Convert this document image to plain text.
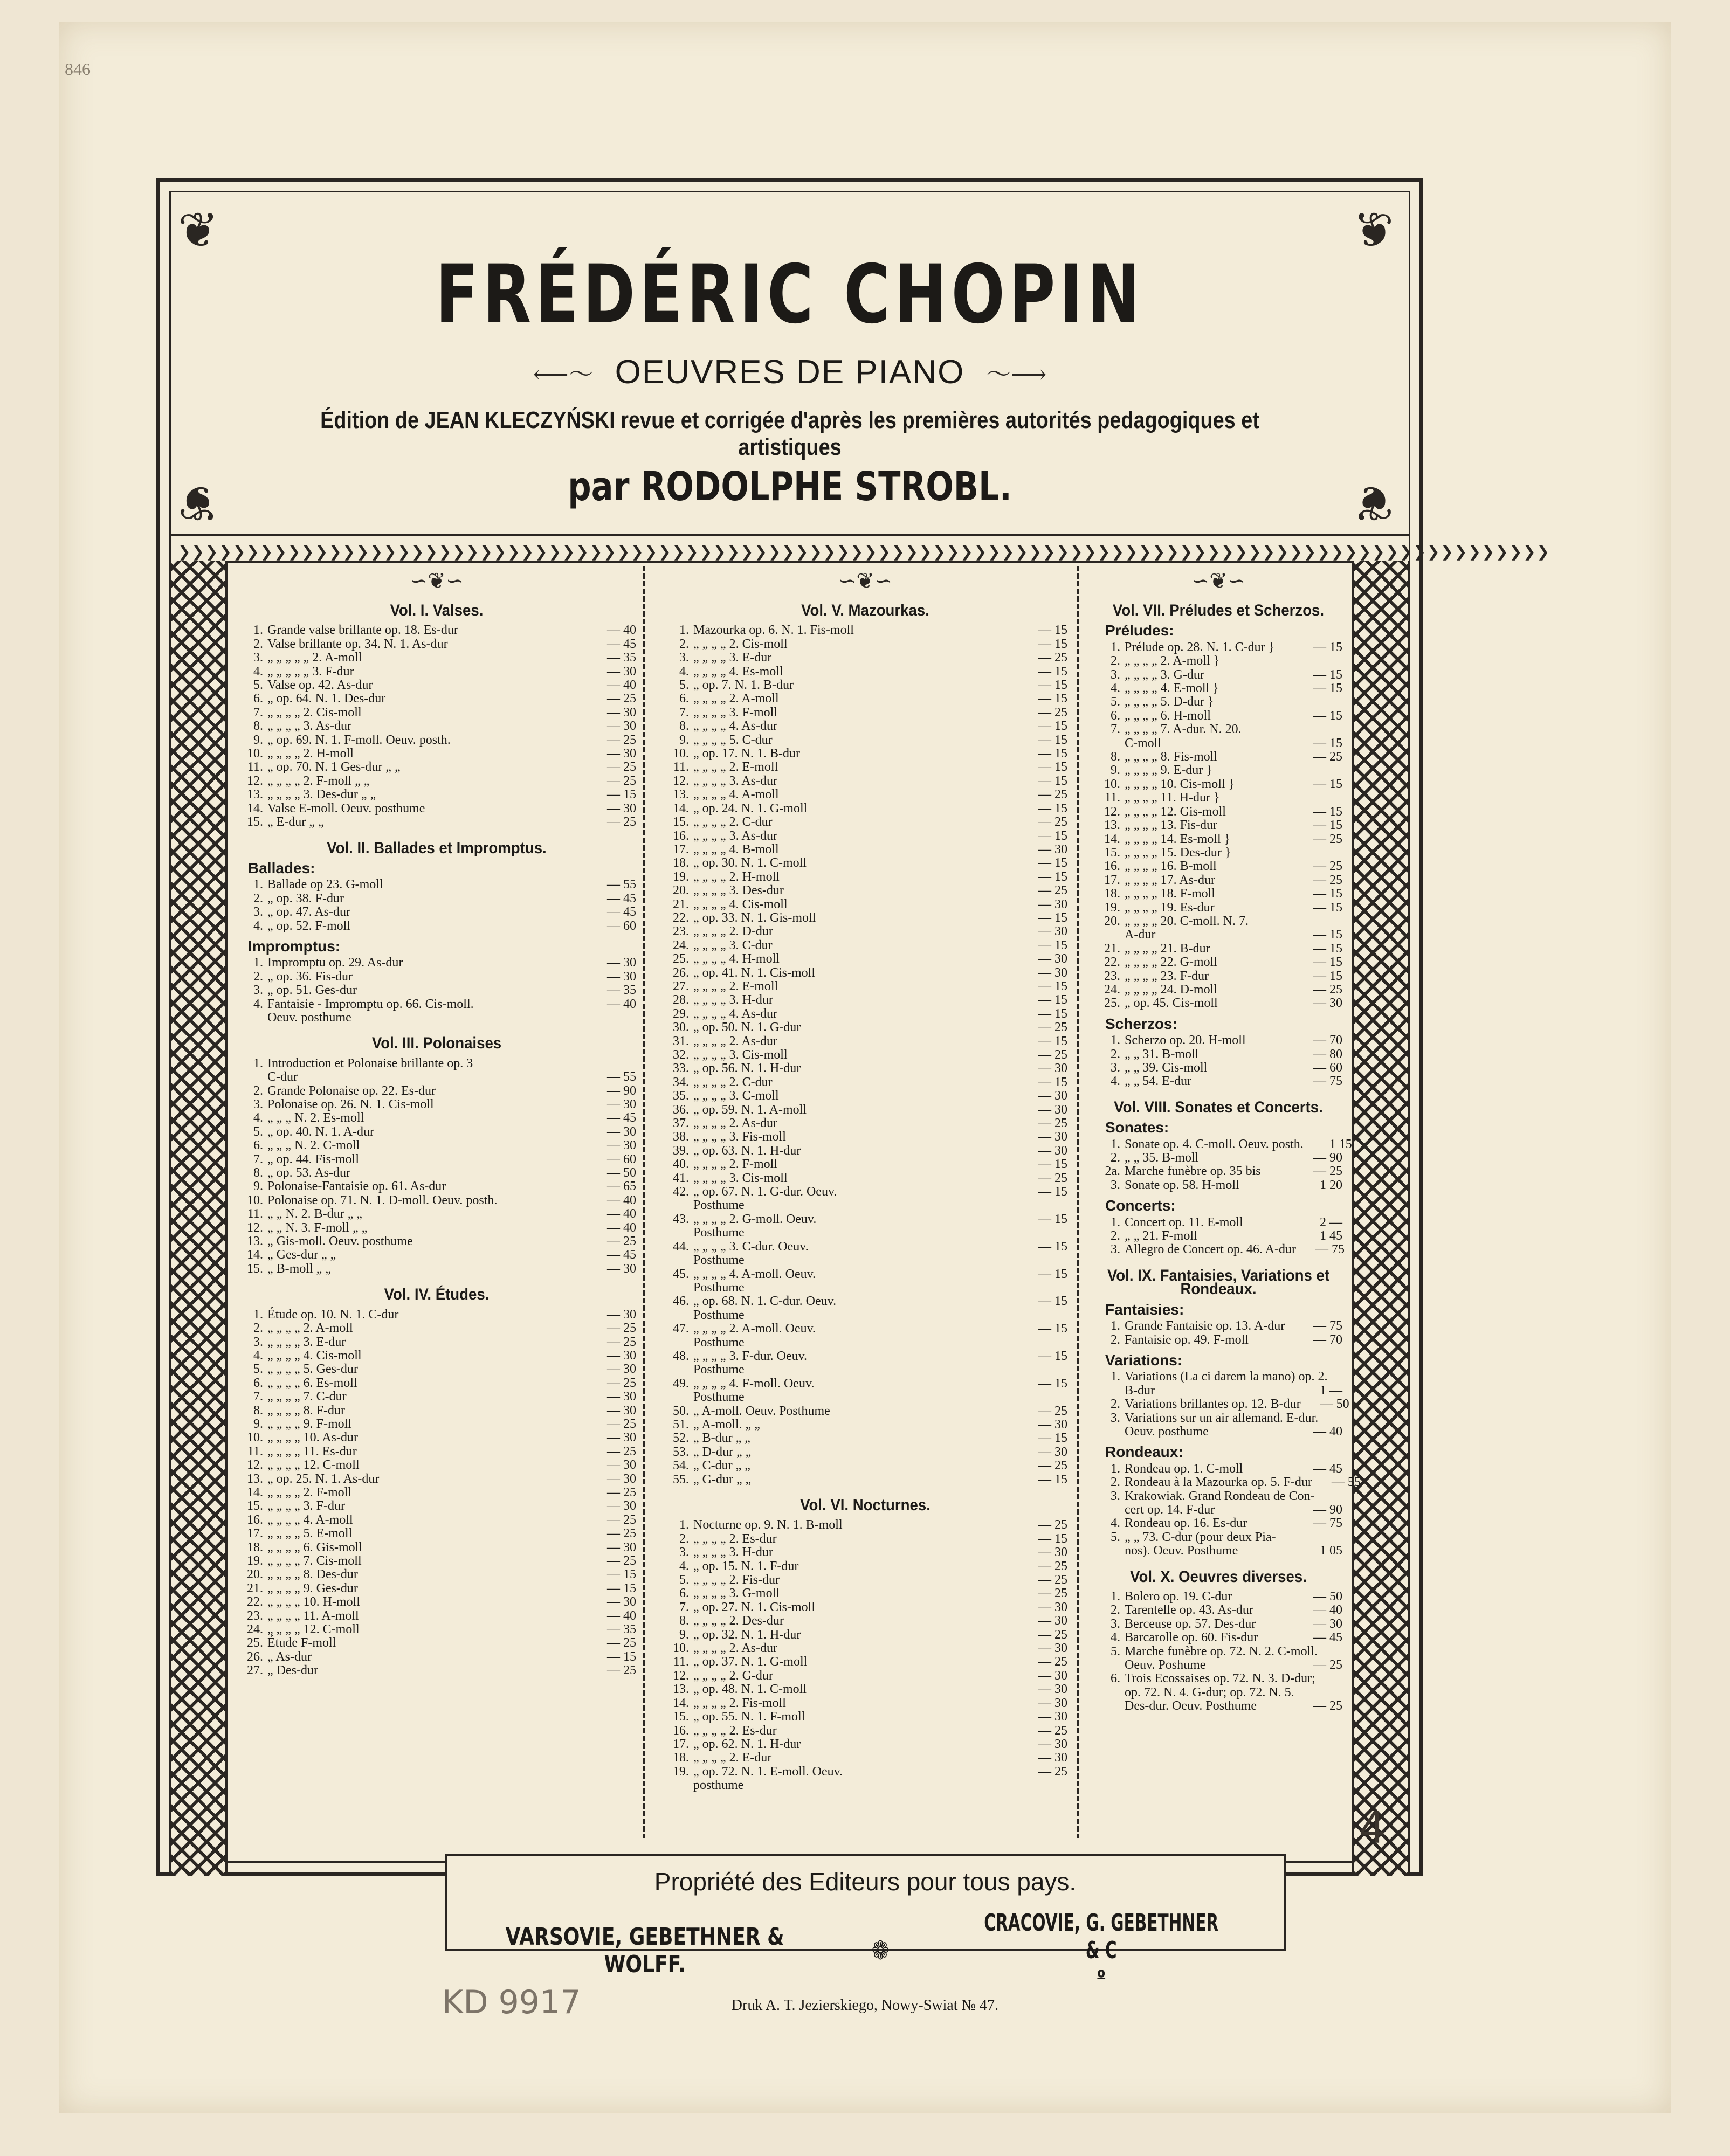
846
❦	❦
❦	❦
FRÉDÉRIC CHOPIN
⟵〜 OEUVRES DE PIANO 〜⟶
Édition de JEAN KLECZYŃSKI revue et corrigée d'après les premières autorités pedagogiques et artistiques
par RODOLPHE STROBL.
❯❯❯❯❯❯❯❯❯❯❯❯❯❯❯❯❯❯❯❯❯❯❯❯❯❯❯❯❯❯❯❯❯❯❯❯❯❯❯❯❯❯❯❯❯❯❯❯❯❯❯❯❯❯❯❯❯❯❯❯❯❯❯❯❯❯❯❯❯❯❯❯❯❯❯❯❯❯❯❯❯❯❯❯❯❯❯❯❯❯❯❯❯❯❯❯❯❯❯❯
∽❦∽
Vol. I. Valses.
1. Grande valse brillante op. 18. Es-dur	— 40
2. Valse brillante op. 34. N. 1. As-dur	— 45
3. „ „ „ „ „ 2. A-moll	— 35
4. „ „ „ „ „ 3. F-dur	— 30
5. Valse op. 42. As-dur	— 40
6. „ op. 64. N. 1. Des-dur	— 25
7. „ „ „ „ 2. Cis-moll	— 30
8. „ „ „ „ 3. As-dur	— 30
9. „ op. 69. N. 1. F-moll. Oeuv. posth.	— 25
10. „ „ „ „ 2. H-moll	— 30
11. „ op. 70. N. 1 Ges-dur „ „	— 25
12. „ „ „ „ 2. F-moll „ „	— 25
13. „ „ „ „ 3. Des-dur „ „	— 15
14. Valse E-moll. Oeuv. posthume	— 30
15. „ E-dur „ „	— 25
Vol. II. Ballades et Impromptus.
Ballades:
1. Ballade op 23. G-moll	— 55
2. „ op. 38. F-dur	— 45
3. „ op. 47. As-dur	— 45
4. „ op. 52. F-moll	— 60
Impromptus:
1. Impromptu op. 29. As-dur	— 30
2. „ op. 36. Fis-dur	— 30
3. „ op. 51. Ges-dur	— 35
4. Fantaisie - Impromptu op. 66. Cis-moll.	— 40
Oeuv. posthume
Vol. III. Polonaises
1. Introduction et Polonaise brillante op. 3
C-dur	— 55
2. Grande Polonaise op. 22. Es-dur	— 90
3. Polonaise op. 26. N. 1. Cis-moll	— 30
4. „ „ „ N. 2. Es-moll	— 45
5. „ op. 40. N. 1. A-dur	— 30
6. „ „ „ N. 2. C-moll	— 30
7. „ op. 44. Fis-moll	— 60
8. „ op. 53. As-dur	— 50
9. Polonaise-Fantaisie op. 61. As-dur	— 65
10. Polonaise op. 71. N. 1. D-moll. Oeuv. posth.	— 40
11. „ „ N. 2. B-dur „ „	— 40
12. „ „ N. 3. F-moll „ „	— 40
13. „ Gis-moll. Oeuv. posthume	— 25
14. „ Ges-dur „ „	— 45
15. „ B-moll „ „	— 30
Vol. IV. Études.
1. Étude op. 10. N. 1. C-dur	— 30
2. „ „ „ „ 2. A-moll	— 25
3. „ „ „ „ 3. E-dur	— 25
4. „ „ „ „ 4. Cis-moll	— 30
5. „ „ „ „ 5. Ges-dur	— 30
6. „ „ „ „ 6. Es-moll	— 25
7. „ „ „ „ 7. C-dur	— 30
8. „ „ „ „ 8. F-dur	— 30
9. „ „ „ „ 9. F-moll	— 25
10. „ „ „ „ 10. As-dur	— 30
11. „ „ „ „ 11. Es-dur	— 25
12. „ „ „ „ 12. C-moll	— 30
13. „ op. 25. N. 1. As-dur	— 30
14. „ „ „ „ 2. F-moll	— 25
15. „ „ „ „ 3. F-dur	— 30
16. „ „ „ „ 4. A-moll	— 25
17. „ „ „ „ 5. E-moll	— 25
18. „ „ „ „ 6. Gis-moll	— 30
19. „ „ „ „ 7. Cis-moll	— 25
20. „ „ „ „ 8. Des-dur	— 15
21. „ „ „ „ 9. Ges-dur	— 15
22. „ „ „ „ 10. H-moll	— 30
23. „ „ „ „ 11. A-moll	— 40
24. „ „ „ „ 12. C-moll	— 35
25. Étude F-moll	— 25
26. „ As-dur	— 15
27. „ Des-dur	— 25
∽❦∽
Vol. V. Mazourkas.
1. Mazourka op. 6. N. 1. Fis-moll	— 15
2. „ „ „ „ 2. Cis-moll	— 15
3. „ „ „ „ 3. E-dur	— 25
4. „ „ „ „ 4. Es-moll	— 15
5. „ op. 7. N. 1. B-dur	— 15
6. „ „ „ „ 2. A-moll	— 15
7. „ „ „ „ 3. F-moll	— 25
8. „ „ „ „ 4. As-dur	— 15
9. „ „ „ „ 5. C-dur	— 15
10. „ op. 17. N. 1. B-dur	— 15
11. „ „ „ „ 2. E-moll	— 15
12. „ „ „ „ 3. As-dur	— 15
13. „ „ „ „ 4. A-moll	— 25
14. „ op. 24. N. 1. G-moll	— 15
15. „ „ „ „ 2. C-dur	— 25
16. „ „ „ „ 3. As-dur	— 15
17. „ „ „ „ 4. B-moll	— 30
18. „ op. 30. N. 1. C-moll	— 15
19. „ „ „ „ 2. H-moll	— 15
20. „ „ „ „ 3. Des-dur	— 25
21. „ „ „ „ 4. Cis-moll	— 30
22. „ op. 33. N. 1. Gis-moll	— 15
23. „ „ „ „ 2. D-dur	— 30
24. „ „ „ „ 3. C-dur	— 15
25. „ „ „ „ 4. H-moll	— 30
26. „ op. 41. N. 1. Cis-moll	— 30
27. „ „ „ „ 2. E-moll	— 15
28. „ „ „ „ 3. H-dur	— 15
29. „ „ „ „ 4. As-dur	— 15
30. „ op. 50. N. 1. G-dur	— 25
31. „ „ „ „ 2. As-dur	— 15
32. „ „ „ „ 3. Cis-moll	— 25
33. „ op. 56. N. 1. H-dur	— 30
34. „ „ „ „ 2. C-dur	— 15
35. „ „ „ „ 3. C-moll	— 30
36. „ op. 59. N. 1. A-moll	— 30
37. „ „ „ „ 2. As-dur	— 25
38. „ „ „ „ 3. Fis-moll	— 30
39. „ op. 63. N. 1. H-dur	— 30
40. „ „ „ „ 2. F-moll	— 15
41. „ „ „ „ 3. Cis-moll	— 25
42. „ op. 67. N. 1. G-dur. Oeuv.	— 15
Posthume
43. „ „ „ „ 2. G-moll. Oeuv.	— 15
Posthume
44. „ „ „ „ 3. C-dur. Oeuv.	— 15
Posthume
45. „ „ „ „ 4. A-moll. Oeuv.	— 15
Posthume
46. „ op. 68. N. 1. C-dur. Oeuv.	— 15
Posthume
47. „ „ „ „ 2. A-moll. Oeuv.	— 15
Posthume
48. „ „ „ „ 3. F-dur. Oeuv.	— 15
Posthume
49. „ „ „ „ 4. F-moll. Oeuv.	— 15
Posthume
50. „ A-moll. Oeuv. Posthume	— 25
51. „ A-moll. „ „	— 30
52. „ B-dur „ „	— 15
53. „ D-dur „ „	— 30
54. „ C-dur „ „	— 25
55. „ G-dur „ „	— 15
Vol. VI. Nocturnes.
1. Nocturne op. 9. N. 1. B-moll	— 25
2. „ „ „ „ 2. Es-dur	— 15
3. „ „ „ „ 3. H-dur	— 30
4. „ op. 15. N. 1. F-dur	— 25
5. „ „ „ „ 2. Fis-dur	— 25
6. „ „ „ „ 3. G-moll	— 25
7. „ op. 27. N. 1. Cis-moll	— 30
8. „ „ „ „ 2. Des-dur	— 30
9. „ op. 32. N. 1. H-dur	— 25
10. „ „ „ „ 2. As-dur	— 30
11. „ op. 37. N. 1. G-moll	— 25
12. „ „ „ „ 2. G-dur	— 30
13. „ op. 48. N. 1. C-moll	— 30
14. „ „ „ „ 2. Fis-moll	— 30
15. „ op. 55. N. 1. F-moll	— 30
16. „ „ „ „ 2. Es-dur	— 25
17. „ op. 62. N. 1. H-dur	— 30
18. „ „ „ „ 2. E-dur	— 30
19. „ op. 72. N. 1. E-moll. Oeuv.	— 25
posthume
∽❦∽
Vol. VII. Préludes et Scherzos.
Préludes:
1. Prélude op. 28. N. 1. C-dur }	— 15
2. „ „ „ „ 2. A-moll }
3. „ „ „ „ 3. G-dur	— 15
4. „ „ „ „ 4. E-moll }	— 15
5. „ „ „ „ 5. D-dur }
6. „ „ „ „ 6. H-moll	— 15
7. „ „ „ „ 7. A-dur. N. 20.
C-moll	— 15
8. „ „ „ „ 8. Fis-moll	— 25
9. „ „ „ „ 9. E-dur }
10. „ „ „ „ 10. Cis-moll }	— 15
11. „ „ „ „ 11. H-dur }
12. „ „ „ „ 12. Gis-moll	— 15
13. „ „ „ „ 13. Fis-dur	— 15
14. „ „ „ „ 14. Es-moll }	— 25
15. „ „ „ „ 15. Des-dur }
16. „ „ „ „ 16. B-moll	— 25
17. „ „ „ „ 17. As-dur	— 25
18. „ „ „ „ 18. F-moll	— 15
19. „ „ „ „ 19. Es-dur	— 15
20. „ „ „ „ 20. C-moll. N. 7.
A-dur	— 15
21. „ „ „ „ 21. B-dur	— 15
22. „ „ „ „ 22. G-moll	— 15
23. „ „ „ „ 23. F-dur	— 15
24. „ „ „ „ 24. D-moll	— 25
25. „ op. 45. Cis-moll	— 30
Scherzos:
1. Scherzo op. 20. H-moll	— 70
2. „ „ 31. B-moll	— 80
3. „ „ 39. Cis-moll	— 60
4. „ „ 54. E-dur	— 75
Vol. VIII. Sonates et Concerts.
Sonates:
1. Sonate op. 4. C-moll. Oeuv. posth.	1 15
2. „ „ 35. B-moll	— 90
2a. Marche funèbre op. 35 bis	— 25
3. Sonate op. 58. H-moll	1 20
Concerts:
1. Concert op. 11. E-moll	2 —
2. „ „ 21. F-moll	1 45
3. Allegro de Concert op. 46. A-dur	— 75
Vol. IX. Fantaisies, Variations et Rondeaux.
Fantaisies:
1. Grande Fantaisie op. 13. A-dur	— 75
2. Fantaisie op. 49. F-moll	— 70
Variations:
1. Variations (La ci darem la mano) op. 2.
B-dur	1 —
2. Variations brillantes op. 12. B-dur	— 50
3. Variations sur un air allemand. E-dur.
Oeuv. posthume	— 40
Rondeaux:
1. Rondeau op. 1. C-moll	— 45
2. Rondeau à la Mazourka op. 5. F-dur	— 55
3. Krakowiak. Grand Rondeau de Con-
cert op. 14. F-dur	— 90
4. Rondeau op. 16. Es-dur	— 75
5. „ „ 73. C-dur (pour deux Pia-
nos). Oeuv. Posthume	1 05
Vol. X. Oeuvres diverses.
1. Bolero op. 19. C-dur	— 50
2. Tarentelle op. 43. As-dur	— 40
3. Berceuse op. 57. Des-dur	— 30
4. Barcarolle op. 60. Fis-dur	— 45
5. Marche funèbre op. 72. N. 2. C-moll.
Oeuv. Poshume	— 25
6. Trois Ecossaises op. 72. N. 3. D-dur;
op. 72. N. 4. G-dur; op. 72. N. 5.
Des-dur. Oeuv. Posthume	— 25
Propriété des Editeurs pour tous pays.
VARSOVIE, GEBETHNER & WOLFF.	❁
CRACOVIE, G. GEBETHNER & $C^o$
4
Druk A. T. Jezierskiego, Nowy-Swiat № 47.
KD 9917
